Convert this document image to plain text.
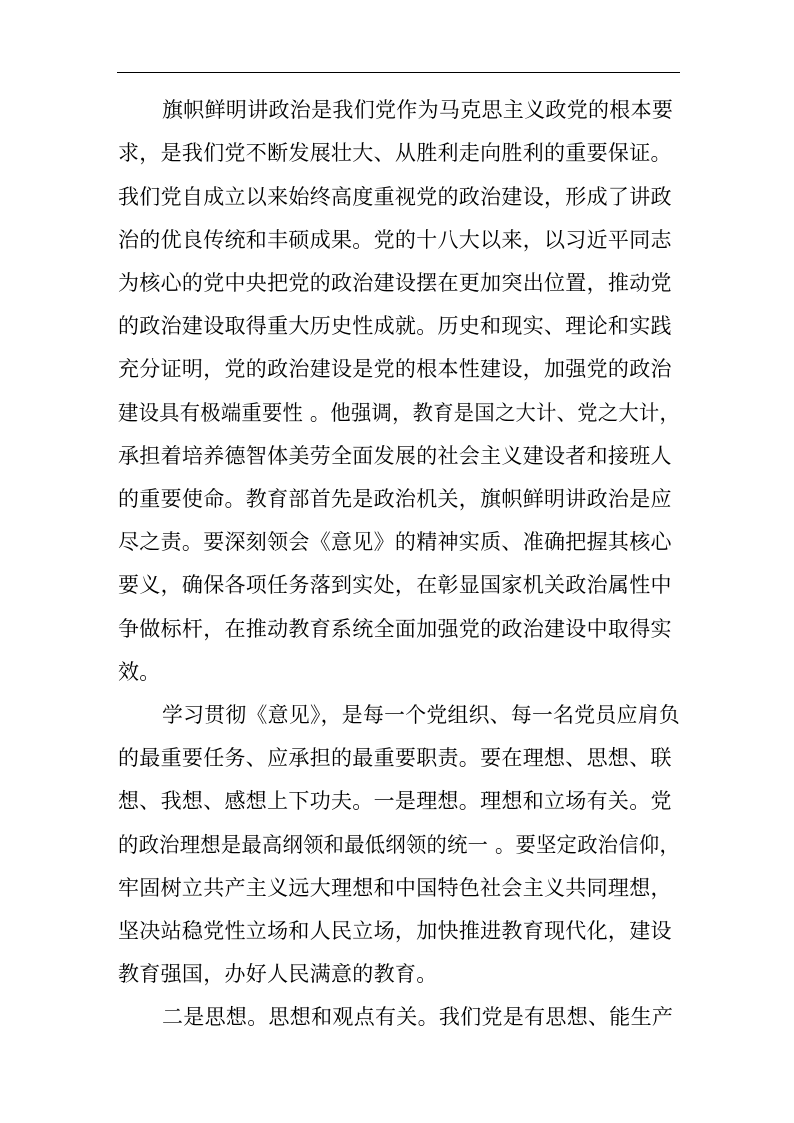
旗帜鲜明讲政治是我们党作为马克思主义政党的根本要
求，是我们党不断发展壮大、从胜利走向胜利的重要保证。
我们党自成立以来始终高度重视党的政治建设，形成了讲政
治的优良传统和丰硕成果。党的十八大以来，以习近平同志
为核心的党中央把党的政治建设摆在更加突出位置，推动党
的政治建设取得重大历史性成就。历史和现实、理论和实践
充分证明，党的政治建设是党的根本性建设，加强党的政治
建设具有极端重要性 。他强调，教育是国之大计、党之大计，
承担着培养德智体美劳全面发展的社会主义建设者和接班人
的重要使命。教育部首先是政治机关，旗帜鲜明讲政治是应
尽之责。要深刻领会《意见》的精神实质、准确把握其核心
要义，确保各项任务落到实处，在彰显国家机关政治属性中
争做标杆，在推动教育系统全面加强党的政治建设中取得实
效。
学习贯彻《意见》，是每一个党组织、每一名党员应肩负
的最重要任务、应承担的最重要职责。要在理想、思想、联
想、我想、感想上下功夫。一是理想。理想和立场有关。党
的政治理想是最高纲领和最低纲领的统一 。要坚定政治信仰，
牢固树立共产主义远大理想和中国特色社会主义共同理想，
坚决站稳党性立场和人民立场，加快推进教育现代化，建设
教育强国，办好人民满意的教育。
二是思想。思想和观点有关。我们党是有思想、能生产
